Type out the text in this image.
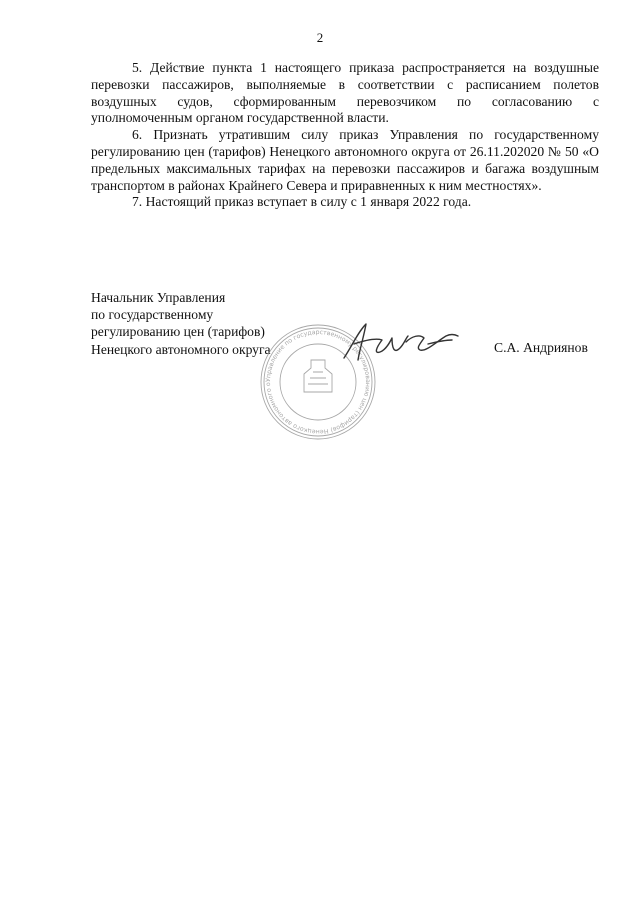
2

5. Действие пункта 1 настоящего приказа распространяется на воздушные перевозки пассажиров, выполняемые в соответствии с расписанием полетов воздушных судов, сформированным перевозчиком по согласованию с уполномоченным органом государственной власти.

6. Признать утратившим силу приказ Управления по государственному регулированию цен (тарифов) Ненецкого автономного округа от 26.11.202020 № 50 «О предельных максимальных тарифах на перевозки пассажиров и багажа воздушным транспортом в районах Крайнего Севера и приравненных к ним местностях».

7. Настоящий приказ вступает в силу с 1 января 2022 года.

Начальник Управления
по государственному
регулированию цен (тарифов)
Ненецкого автономного округа
Управление по государственному регулированию цен (тарифов) Ненецкого автономного о
С.А. Андриянов
